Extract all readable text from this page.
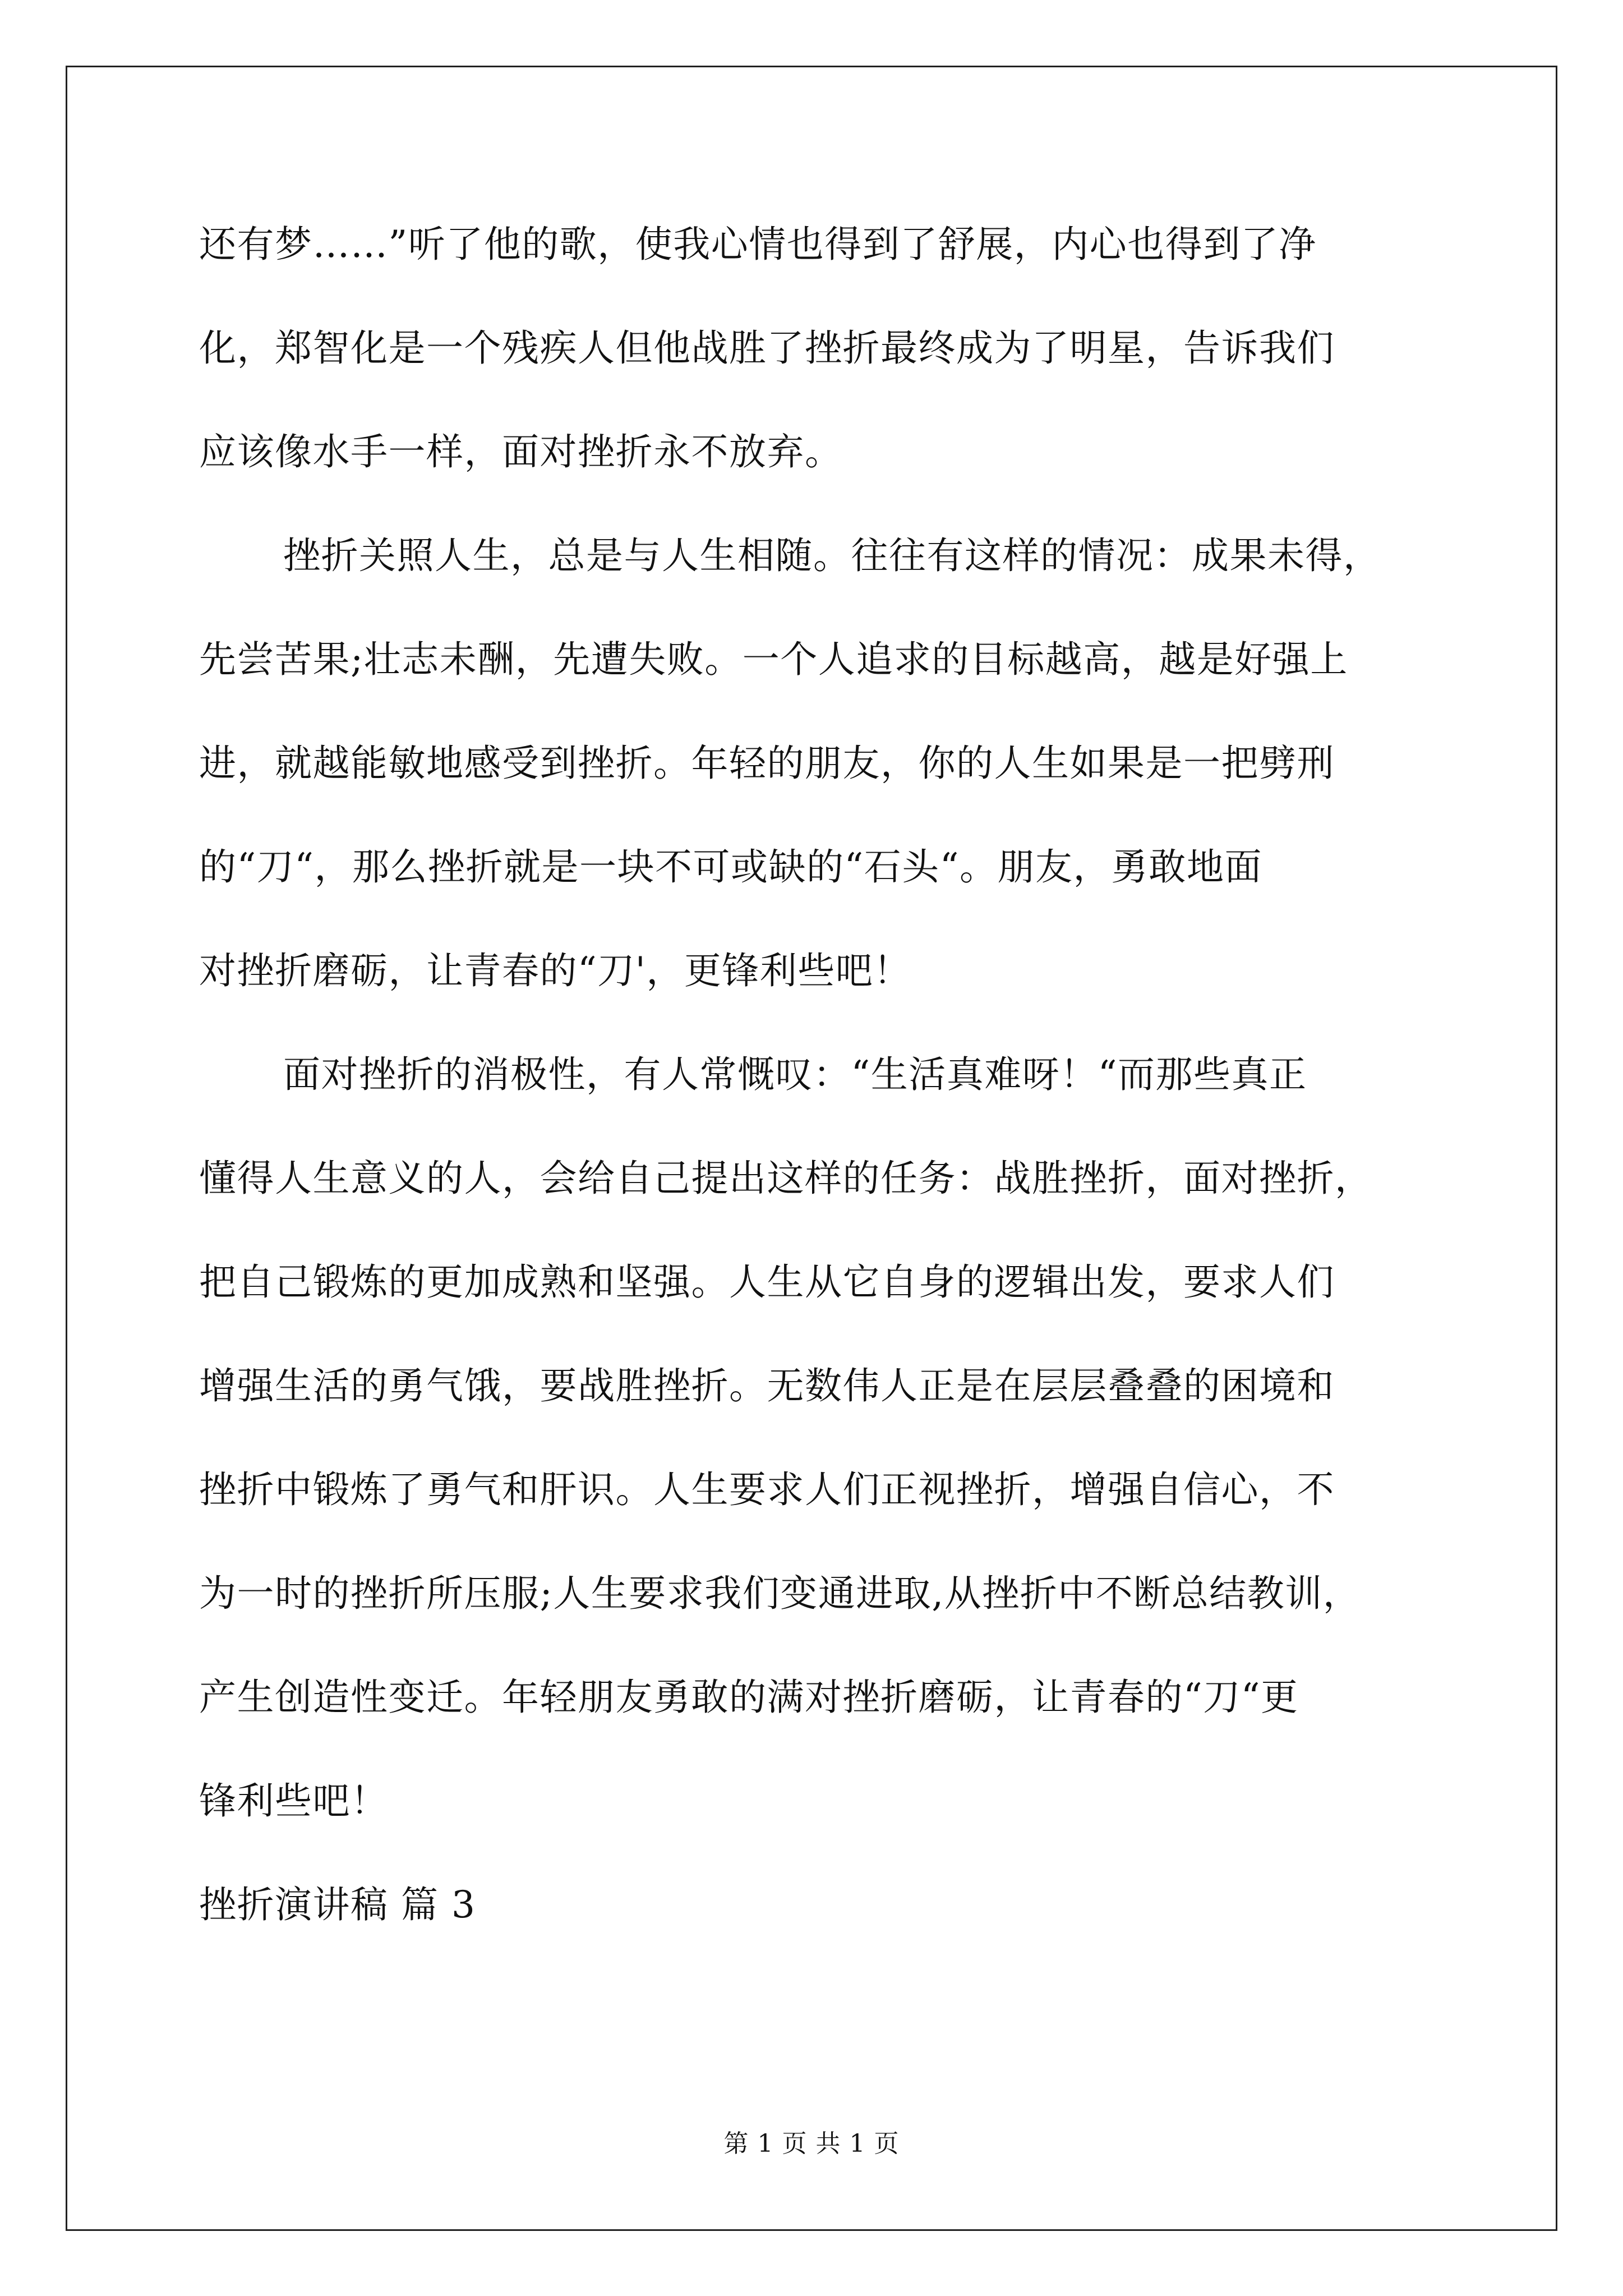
还有梦……”听了他的歌，使我心情也得到了舒展，内心也得到了净

化，郑智化是一个残疾人但他战胜了挫折最终成为了明星，告诉我们

应该像水手一样，面对挫折永不放弃。

挫折关照人生，总是与人生相随。往往有这样的情况：成果未得，

先尝苦果;壮志未酬，先遭失败。一个人追求的目标越高，越是好强上

进，就越能敏地感受到挫折。年轻的朋友，你的人生如果是一把劈刑

的“刀“，那么挫折就是一块不可或缺的“石头“。朋友，勇敢地面

对挫折磨砺，让青春的“刀'，更锋利些吧！

面对挫折的消极性，有人常慨叹：“生活真难呀！“而那些真正

懂得人生意义的人，会给自己提出这样的任务：战胜挫折，面对挫折，

把自己锻炼的更加成熟和坚强。人生从它自身的逻辑出发，要求人们

增强生活的勇气饿，要战胜挫折。无数伟人正是在层层叠叠的困境和

挫折中锻炼了勇气和肝识。人生要求人们正视挫折，增强自信心，不

为一时的挫折所压服;人生要求我们变通进取,从挫折中不断总结教训，

产生创造性变迁。年轻朋友勇敢的满对挫折磨砺，让青春的“刀“更

锋利些吧！

挫折演讲稿 篇 3

第 1 页 共 1 页
